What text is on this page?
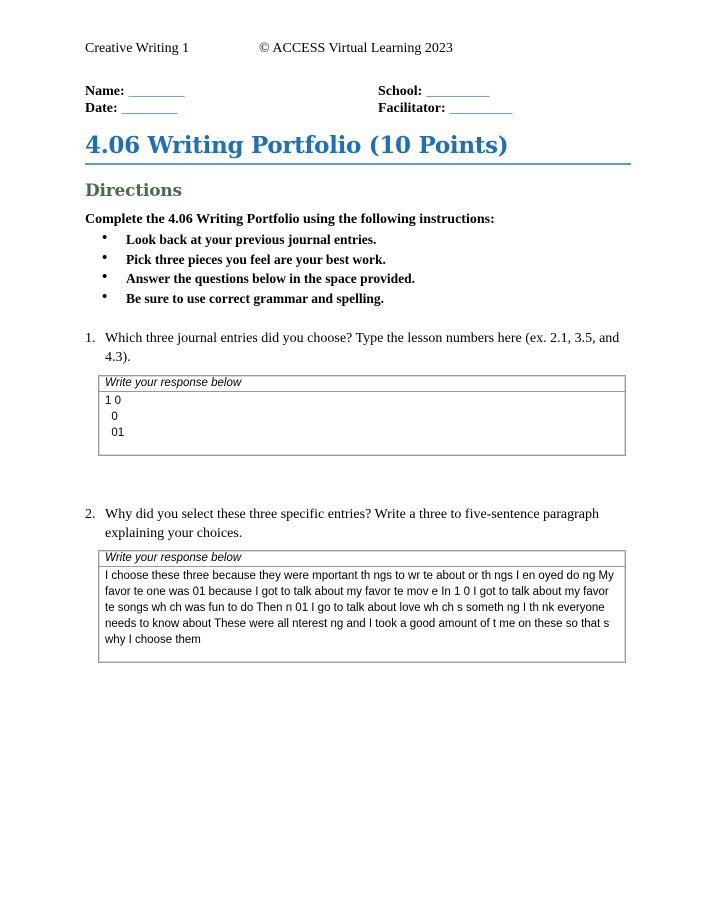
Creative Writing 1	© ACCESS Virtual Learning 2023
Name: ________
Date: ________
School: _________
Facilitator: _________
4.06 Writing Portfolio (10 Points)
Directions

Complete the 4.06 Writing Portfolio using the following instructions:

• Look back at your previous journal entries.
• Pick three pieces you feel are your best work.
• Answer the questions below in the space provided.
• Be sure to use correct grammar and spelling.
1. Which three journal entries did you choose? Type the lesson numbers here (ex. 2.1, 3.5, and 4.3).
Write your response below
1 0
0
01
2. Why did you select these three specific entries? Write a three to five-sentence paragraph explaining your choices.
Write your response below
I choose these three because they were mportant th ngs to wr te about or th ngs I en oyed do ng My favor te one was 01 because I got to talk about my favor te mov e In 1 0 I got to talk about my favor te songs wh ch was fun to do Then n 01 I go to talk about love wh ch s someth ng I th nk everyone needs to know about These were all nterest ng and I took a good amount of t me on these so that s why I choose them
